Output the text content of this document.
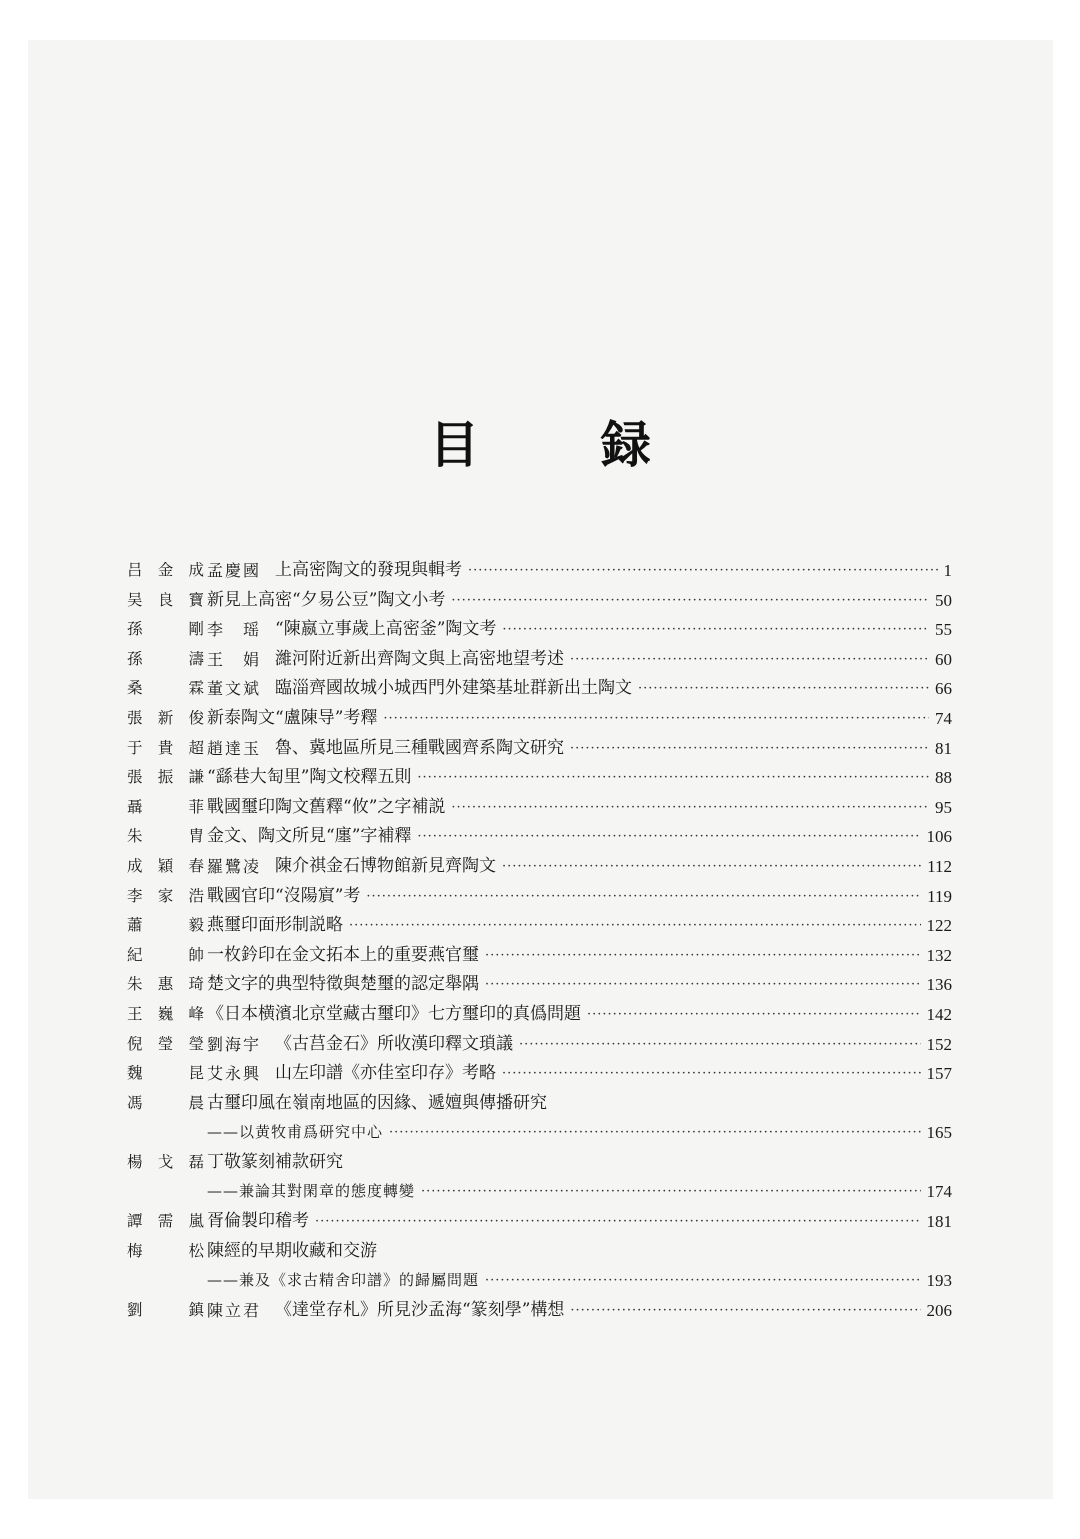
目 録
吕金成 孟慶國 上高密陶文的發現與輯考 ·····	1
吴良寶 新見上高密“夕易公豆”陶文小考 ·····	50
孫　剛 李　瑶 “陳嬴立事歲上高密釜”陶文考 ·····	55
孫　濤 王　娟 濰河附近新出齊陶文與上高密地望考述 ·····	60
桑　霖 董文斌 臨淄齊國故城小城西門外建築基址群新出土陶文 ·····	66
張新俊 新泰陶文“盧陳导”考釋 ·····	74
于貴超 趙達玉 魯、冀地區所見三種戰國齊系陶文研究 ·····	81
張振謙 “繇巷大匋里”陶文校釋五則 ·····	88
聶　菲 戰國璽印陶文舊釋“攸”之字補説 ·····	95
朱　胄 金文、陶文所見“廛”字補釋 ·····	106
成穎春 羅鷺凌 陳介祺金石博物館新見齊陶文 ·····	112
李家浩 戰國官印“沒陽賔”考 ·····	119
蕭　毅 燕璽印面形制説略 ·····	122
紀　帥 一枚鈐印在金文拓本上的重要燕官璽 ·····	132
朱惠琦 楚文字的典型特徵與楚璽的認定舉隅 ·····	136
王巍峰 《日本横濱北京堂藏古璽印》七方璽印的真僞問題 ·····	142
倪瑩瑩 劉海宇 《古莒金石》所收漢印釋文瑣議 ·····	152
魏　昆 艾永興 山左印譜《亦佳室印存》考略 ·····	157
馮　晨 古璽印風在嶺南地區的因緣、遞嬗與傳播研究
——以黄牧甫爲研究中心 ·····	165
楊戈磊 丁敬篆刻補款研究
——兼論其對閑章的態度轉變 ·····	174
譚需嵐 胥倫製印稽考 ·····	181
梅　松 陳經的早期收藏和交游
——兼及《求古精舍印譜》的歸屬問題 ·····	193
劉　鎮 陳立君 《達堂存札》所見沙孟海“篆刻學”構想 ·····	206
